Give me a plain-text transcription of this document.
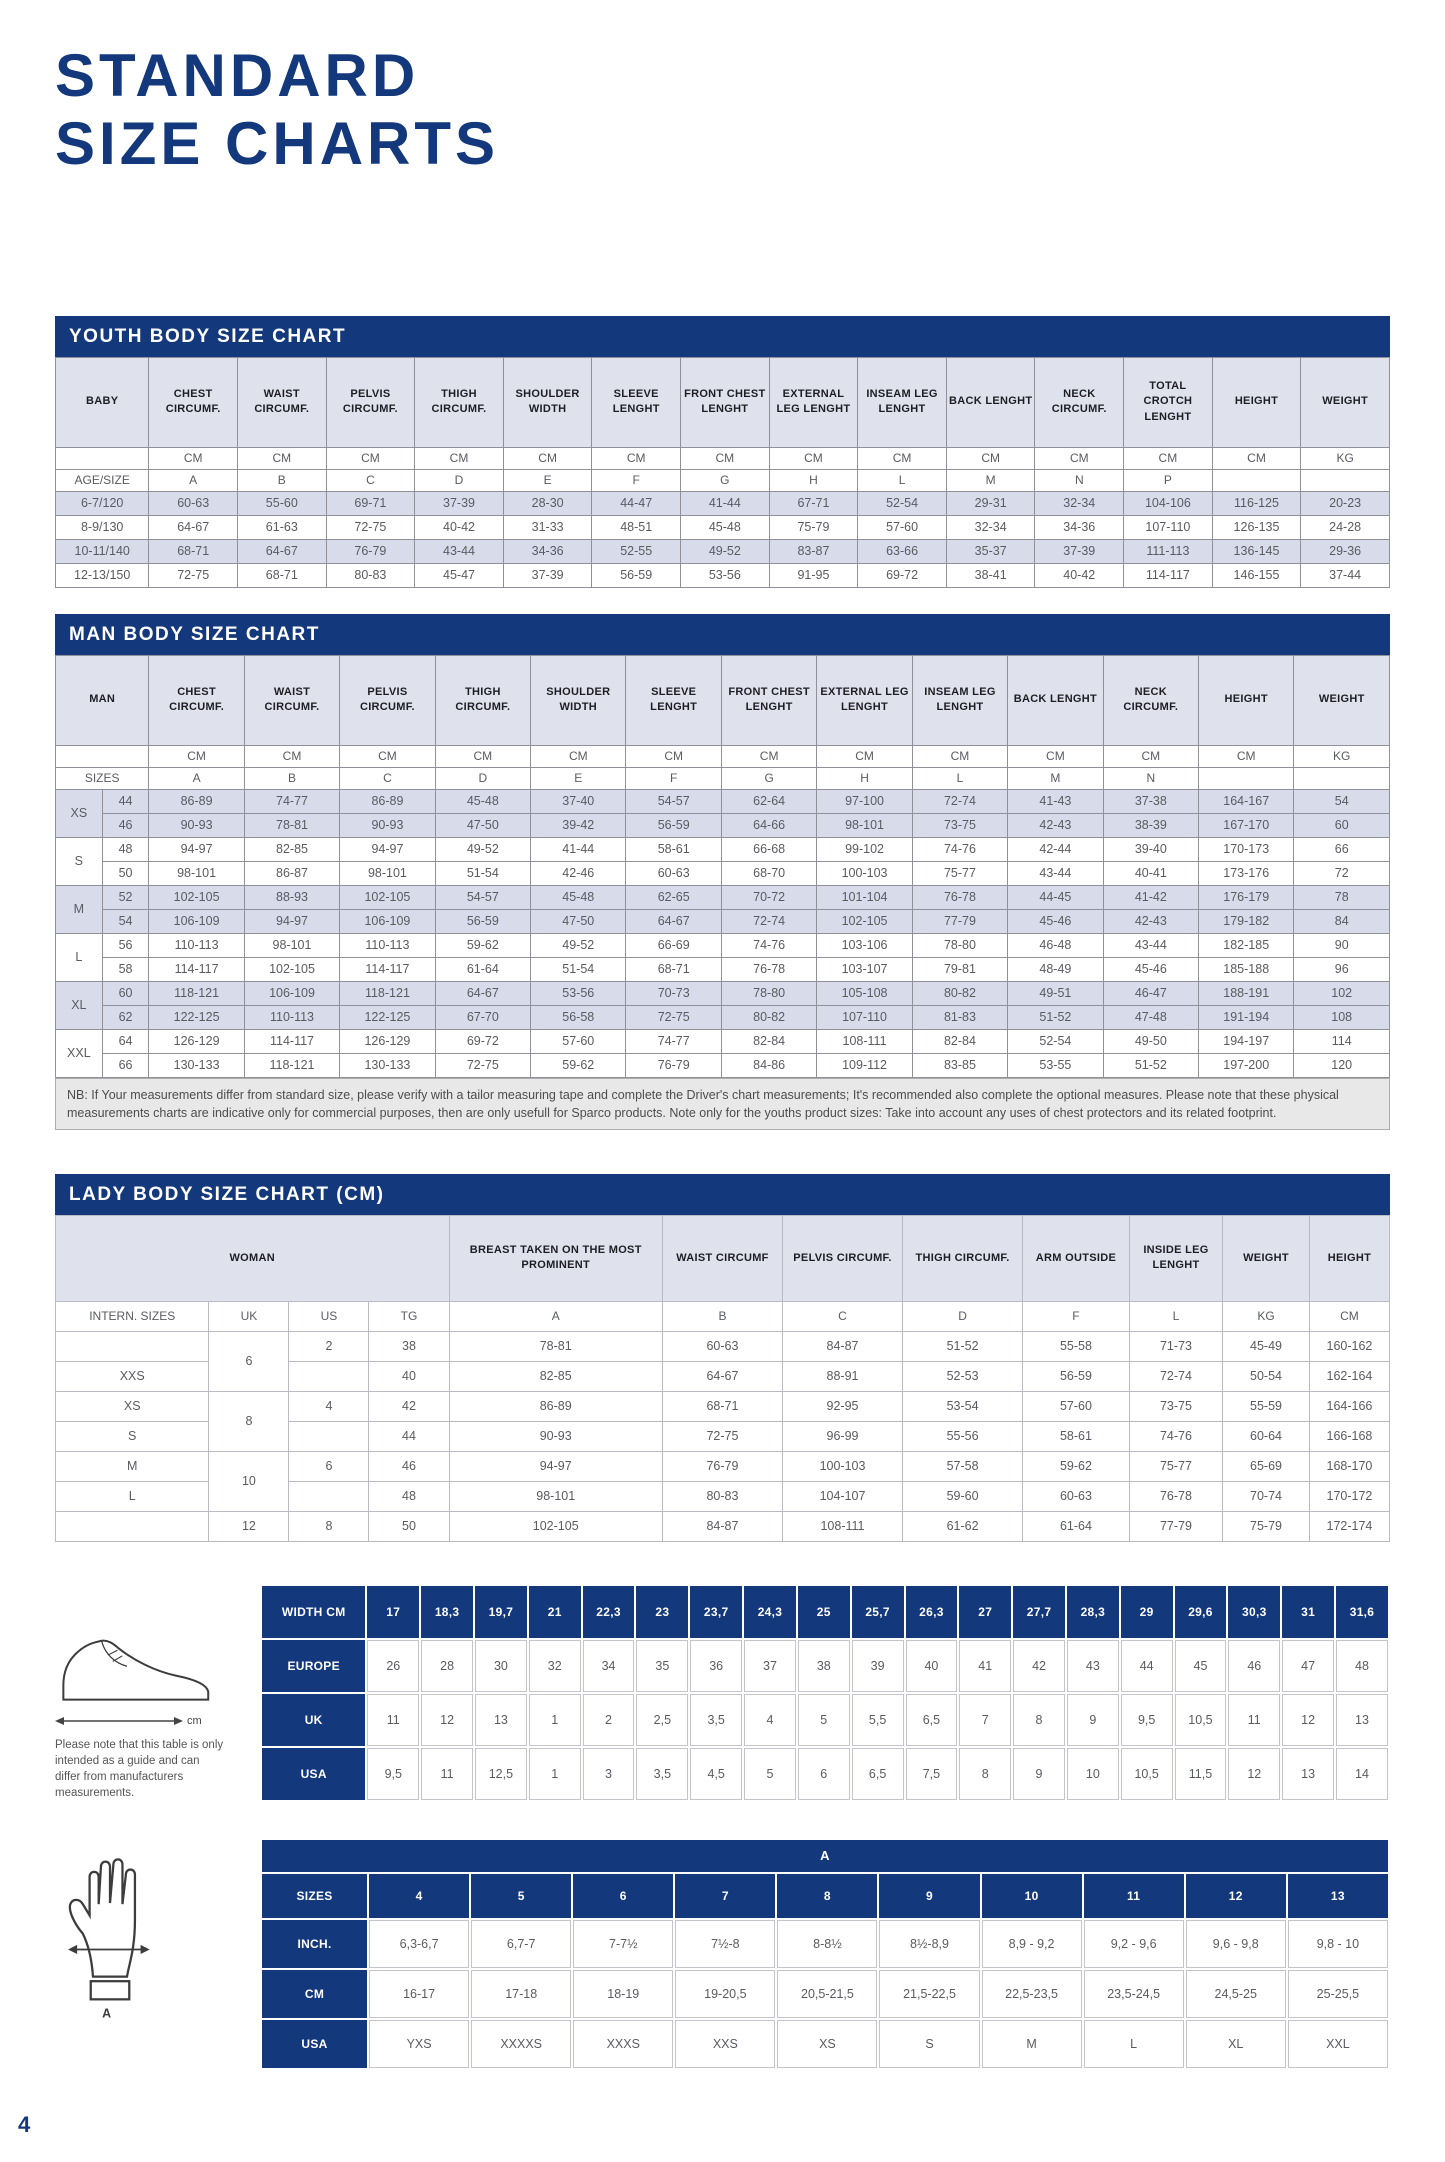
STANDARD
SIZE CHARTS
YOUTH BODY SIZE CHART
BABY	CHEST CIRCUMF.	WAIST CIRCUMF.	PELVIS CIRCUMF.	THIGH CIRCUMF.	SHOULDER WIDTH	SLEEVE LENGHT	FRONT CHEST LENGHT	EXTERNAL LEG LENGHT	INSEAM LEG LENGHT	BACK LENGHT	NECK CIRCUMF.	TOTAL CROTCH LENGHT	HEIGHT	WEIGHT
	CM	CM	CM	CM	CM	CM	CM	CM	CM	CM	CM	CM	CM	KG
AGE/SIZE	A	B	C	D	E	F	G	H	L	M	N	P		
6-7/120	60-63	55-60	69-71	37-39	28-30	44-47	41-44	67-71	52-54	29-31	32-34	104-106	116-125	20-23
8-9/130	64-67	61-63	72-75	40-42	31-33	48-51	45-48	75-79	57-60	32-34	34-36	107-110	126-135	24-28
10-11/140	68-71	64-67	76-79	43-44	34-36	52-55	49-52	83-87	63-66	35-37	37-39	111-113	136-145	29-36
12-13/150	72-75	68-71	80-83	45-47	37-39	56-59	53-56	91-95	69-72	38-41	40-42	114-117	146-155	37-44
MAN BODY SIZE CHART
MAN		CHEST CIRCUMF.	WAIST CIRCUMF.	PELVIS CIRCUMF.	THIGH CIRCUMF.	SHOULDER WIDTH	SLEEVE LENGHT	FRONT CHEST LENGHT	EXTERNAL LEG LENGHT	INSEAM LEG LENGHT	BACK LENGHT	NECK CIRCUMF.	HEIGHT	WEIGHT
		CM	CM	CM	CM	CM	CM	CM	CM	CM	CM	CM	CM	KG
SIZES		A	B	C	D	E	F	G	H	L	M	N		
XS	44	86-89	74-77	86-89	45-48	37-40	54-57	62-64	97-100	72-74	41-43	37-38	164-167	54
	46	90-93	78-81	90-93	47-50	39-42	56-59	64-66	98-101	73-75	42-43	38-39	167-170	60
S	48	94-97	82-85	94-97	49-52	41-44	58-61	66-68	99-102	74-76	42-44	39-40	170-173	66
	50	98-101	86-87	98-101	51-54	42-46	60-63	68-70	100-103	75-77	43-44	40-41	173-176	72
M	52	102-105	88-93	102-105	54-57	45-48	62-65	70-72	101-104	76-78	44-45	41-42	176-179	78
	54	106-109	94-97	106-109	56-59	47-50	64-67	72-74	102-105	77-79	45-46	42-43	179-182	84
L	56	110-113	98-101	110-113	59-62	49-52	66-69	74-76	103-106	78-80	46-48	43-44	182-185	90
	58	114-117	102-105	114-117	61-64	51-54	68-71	76-78	103-107	79-81	48-49	45-46	185-188	96
XL	60	118-121	106-109	118-121	64-67	53-56	70-73	78-80	105-108	80-82	49-51	46-47	188-191	102
	62	122-125	110-113	122-125	67-70	56-58	72-75	80-82	107-110	81-83	51-52	47-48	191-194	108
XXL	64	126-129	114-117	126-129	69-72	57-60	74-77	82-84	108-111	82-84	52-54	49-50	194-197	114
	66	130-133	118-121	130-133	72-75	59-62	76-79	84-86	109-112	83-85	53-55	51-52	197-200	120
NB: If Your measurements differ from standard size, please verify with a tailor measuring tape and complete the Driver's chart measurements; It's recommended also complete the optional measures. Please note that these physical measurements charts are indicative only for commercial purposes, then are only usefull for Sparco products. Note only for the youths product sizes: Take into account any uses of chest protectors and its related footprint.
LADY BODY SIZE CHART (CM)
WOMAN				BREAST TAKEN ON THE MOST PROMINENT	WAIST CIRCUMF	PELVIS CIRCUMF.	THIGH CIRCUMF.	ARM OUTSIDE	INSIDE LEG LENGHT	WEIGHT	HEIGHT
INTERN. SIZES	UK	US	TG	A	B	C	D	F	L	KG	CM
	6	2	38	78-81	60-63	84-87	51-52	55-58	71-73	45-49	160-162
XXS			40	82-85	64-67	88-91	52-53	56-59	72-74	50-54	162-164
XS	8	4	42	86-89	68-71	92-95	53-54	57-60	73-75	55-59	164-166
S			44	90-93	72-75	96-99	55-56	58-61	74-76	60-64	166-168
M	10	6	46	94-97	76-79	100-103	57-58	59-62	75-77	65-69	168-170
L			48	98-101	80-83	104-107	59-60	60-63	76-78	70-74	170-172
	12	8	50	102-105	84-87	108-111	61-62	61-64	77-79	75-79	172-174
cm

Please note that this table is only intended as a guide and can differ from manufacturers measurements.

WIDTH CM	17	18,3	19,7	21	22,3	23	23,7	24,3	25	25,7	26,3	27	27,7	28,3	29	29,6	30,3	31	31,6
EUROPE	26	28	30	32	34	35	36	37	38	39	40	41	42	43	44	45	46	47	48
UK	11	12	13	1	2	2,5	3,5	4	5	5,5	6,5	7	8	9	9,5	10,5	11	12	13
USA	9,5	11	12,5	1	3	3,5	4,5	5	6	6,5	7,5	8	9	10	10,5	11,5	12	13	14
A
A										
SIZES	4	5	6	7	8	9	10	11	12	13
INCH.	6,3-6,7	6,7-7	7-7½	7½-8	8-8½	8½-8,9	8,9 - 9,2	9,2 - 9,6	9,6 - 9,8	9,8 - 10
CM	16-17	17-18	18-19	19-20,5	20,5-21,5	21,5-22,5	22,5-23,5	23,5-24,5	24,5-25	25-25,5
USA	YXS	XXXXS	XXXS	XXS	XS	S	M	L	XL	XXL
4
